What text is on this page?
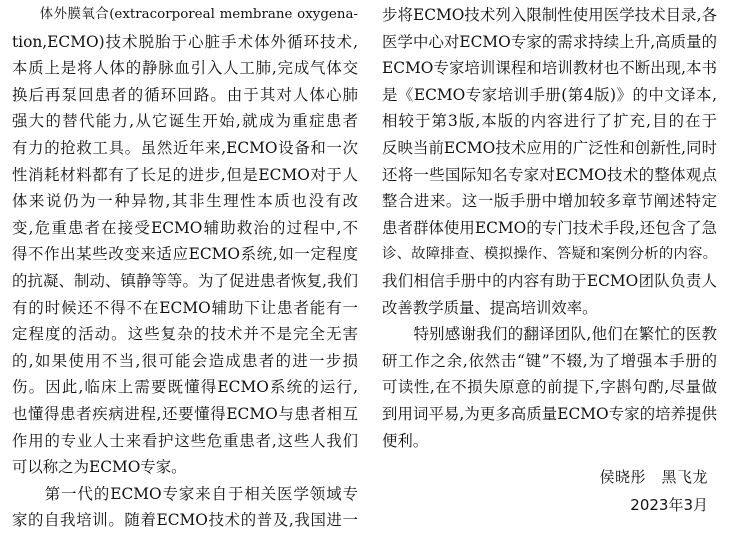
　　体外膜氧合(extracorporeal membrane oxygena-
tion,ECMO)技术脱胎于心脏手术体外循环技术,
本质上是将人体的静脉血引入人工肺,完成气体交
换后再泵回患者的循环回路。由于其对人体心肺
强大的替代能力,从它诞生开始,就成为重症患者
有力的抢救工具。虽然近年来,ECMO设备和一次
性消耗材料都有了长足的进步,但是ECMO对于人
体来说仍为一种异物,其非生理性本质也没有改
变,危重患者在接受ECMO辅助救治的过程中,不
得不作出某些改变来适应ECMO系统,如一定程度
的抗凝、制动、镇静等等。为了促进患者恢复,我们
有的时候还不得不在ECMO辅助下让患者能有一
定程度的活动。这些复杂的技术并不是完全无害
的,如果使用不当,很可能会造成患者的进一步损
伤。因此,临床上需要既懂得ECMO系统的运行,
也懂得患者疾病进程,还要懂得ECMO与患者相互
作用的专业人士来看护这些危重患者,这些人我们
可以称之为ECMO专家。
　　第一代的ECMO专家来自于相关医学领域专
家的自我培训。随着ECMO技术的普及,我国进一
步将ECMO技术列入限制性使用医学技术目录,各
医学中心对ECMO专家的需求持续上升,高质量的
ECMO专家培训课程和培训教材也不断出现,本书
是《ECMO专家培训手册(第4版)》的中文译本,
相较于第3版,本版的内容进行了扩充,目的在于
反映当前ECMO技术应用的广泛性和创新性,同时
还将一些国际知名专家对ECMO技术的整体观点
整合进来。这一版手册中增加较多章节阐述特定
患者群体使用ECMO的专门技术手段,还包含了急
诊、故障排查、模拟操作、答疑和案例分析的内容。
我们相信手册中的内容有助于ECMO团队负责人
改善教学质量、提高培训效率。
　　特别感谢我们的翻译团队,他们在繁忙的医教
研工作之余,依然击“键”不辍,为了增强本手册的
可读性,在不损失原意的前提下,字斟句酌,尽量做
到用词平易,为更多高质量ECMO专家的培养提供
便利。
侯晓彤　黑飞龙
2023年3月
